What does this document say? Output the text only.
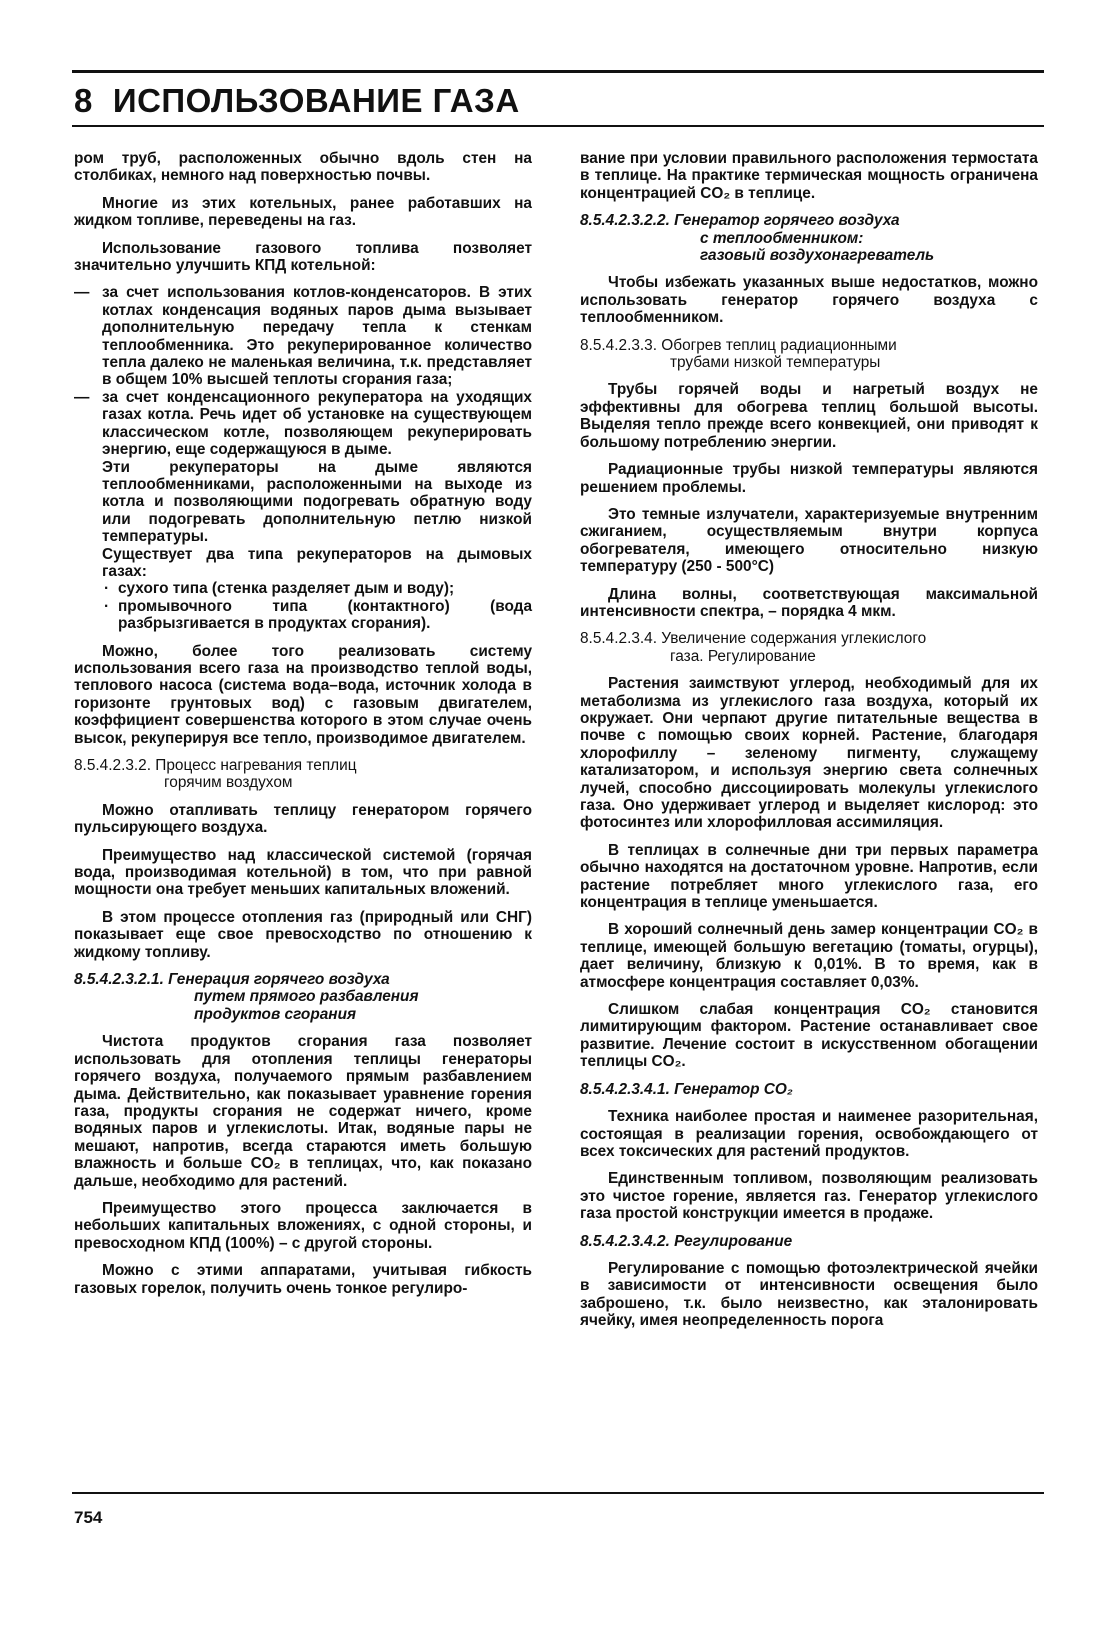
8 ИСПОЛЬЗОВАНИЕ ГАЗА

ром труб, расположенных обычно вдоль стен на столбиках, немного над поверхностью почвы.

Многие из этих котельных, ранее работавших на жидком топливе, переведены на газ.

Использование газового топлива позволяет значительно улучшить КПД котельной:

— за счет использования котлов-конденсаторов. В этих котлах конденсация водяных паров дыма вызывает дополнительную передачу тепла к стенкам теплообменника. Это рекуперированное количество тепла далеко не маленькая величина, т.к. представляет в общем 10% высшей теплоты сгорания газа;
— за счет конденсационного рекуператора на уходящих газах котла. Речь идет об установке на существующем классическом котле, позволяющем рекуперировать энергию, еще содержащуюся в дыме.
Эти рекуператоры на дыме являются теплообменниками, расположенными на выходе из котла и позволяющими подогревать обратную воду или подогревать дополнительную петлю низкой температуры.
Существует два типа рекуператоров на дымовых газах:
· сухого типа (стенка разделяет дым и воду);
· промывочного типа (контактного) (вода разбрызгивается в продуктах сгорания).

Можно, более того реализовать систему использования всего газа на производство теплой воды, теплового насоса (система вода–вода, источник холода в горизонте грунтовых вод) с газовым двигателем, коэффициент совершенства которого в этом случае очень высок, рекуперируя все тепло, производимое двигателем.

8.5.4.2.3.2. Процесс нагревания теплиц
горячим воздухом

Можно отапливать теплицу генератором горячего пульсирующего воздуха.

Преимущество над классической системой (горячая вода, производимая котельной) в том, что при равной мощности она требует меньших капитальных вложений.

В этом процессе отопления газ (природный или СНГ) показывает еще свое превосходство по отношению к жидкому топливу.

8.5.4.2.3.2.1. Генерация горячего воздуха
путем прямого разбавления
продуктов сгорания

Чистота продуктов сгорания газа позволяет использовать для отопления теплицы генераторы горячего воздуха, получаемого прямым разбавлением дыма. Действительно, как показывает уравнение горения газа, продукты сгорания не содержат ничего, кроме водяных паров и углекислоты. Итак, водяные пары не мешают, напротив, всегда стараются иметь большую влажность и больше CO₂ в теплицах, что, как показано дальше, необходимо для растений.

Преимущество этого процесса заключается в небольших капитальных вложениях, с одной стороны, и превосходном КПД (100%) – с другой стороны.

Можно с этими аппаратами, учитывая гибкость газовых горелок, получить очень тонкое регулиро-

вание при условии правильного расположения термостата в теплице. На практике термическая мощность ограничена концентрацией CO₂ в теплице.

8.5.4.2.3.2.2. Генератор горячего воздуха
с теплообменником:
газовый воздухонагреватель

Чтобы избежать указанных выше недостатков, можно использовать генератор горячего воздуха с теплообменником.

8.5.4.2.3.3. Обогрев теплиц радиационными
трубами низкой температуры

Трубы горячей воды и нагретый воздух не эффективны для обогрева теплиц большой высоты. Выделяя тепло прежде всего конвекцией, они приводят к большому потреблению энергии.

Радиационные трубы низкой температуры являются решением проблемы.

Это темные излучатели, характеризуемые внутренним сжиганием, осуществляемым внутри корпуса обогревателя, имеющего относительно низкую температуру (250 - 500°С)

Длина волны, соответствующая максимальной интенсивности спектра, – порядка 4 мкм.

8.5.4.2.3.4. Увеличение содержания углекислого
газа. Регулирование

Растения заимствуют углерод, необходимый для их метаболизма из углекислого газа воздуха, который их окружает. Они черпают другие питательные вещества в почве с помощью своих корней. Растение, благодаря хлорофиллу – зеленому пигменту, служащему катализатором, и используя энергию света солнечных лучей, способно диссоциировать молекулы углекислого газа. Оно удерживает углерод и выделяет кислород: это фотосинтез или хлорофилловая ассимиляция.

В теплицах в солнечные дни три первых параметра обычно находятся на достаточном уровне. Напротив, если растение потребляет много углекислого газа, его концентрация в теплице уменьшается.

В хороший солнечный день замер концентрации CO₂ в теплице, имеющей большую вегетацию (томаты, огурцы), дает величину, близкую к 0,01%. В то время, как в атмосфере концентрация составляет 0,03%.

Слишком слабая концентрация CO₂ становится лимитирующим фактором. Растение останавливает свое развитие. Лечение состоит в искусственном обогащении теплицы CO₂.

8.5.4.2.3.4.1. Генератор CO₂

Техника наиболее простая и наименее разорительная, состоящая в реализации горения, освобождающего от всех токсических для растений продуктов.

Единственным топливом, позволяющим реализовать это чистое горение, является газ. Генератор углекислого газа простой конструкции имеется в продаже.

8.5.4.2.3.4.2. Регулирование

Регулирование с помощью фотоэлектрической ячейки в зависимости от интенсивности освещения было заброшено, т.к. было неизвестно, как эталонировать ячейку, имея неопределенность порога

754
